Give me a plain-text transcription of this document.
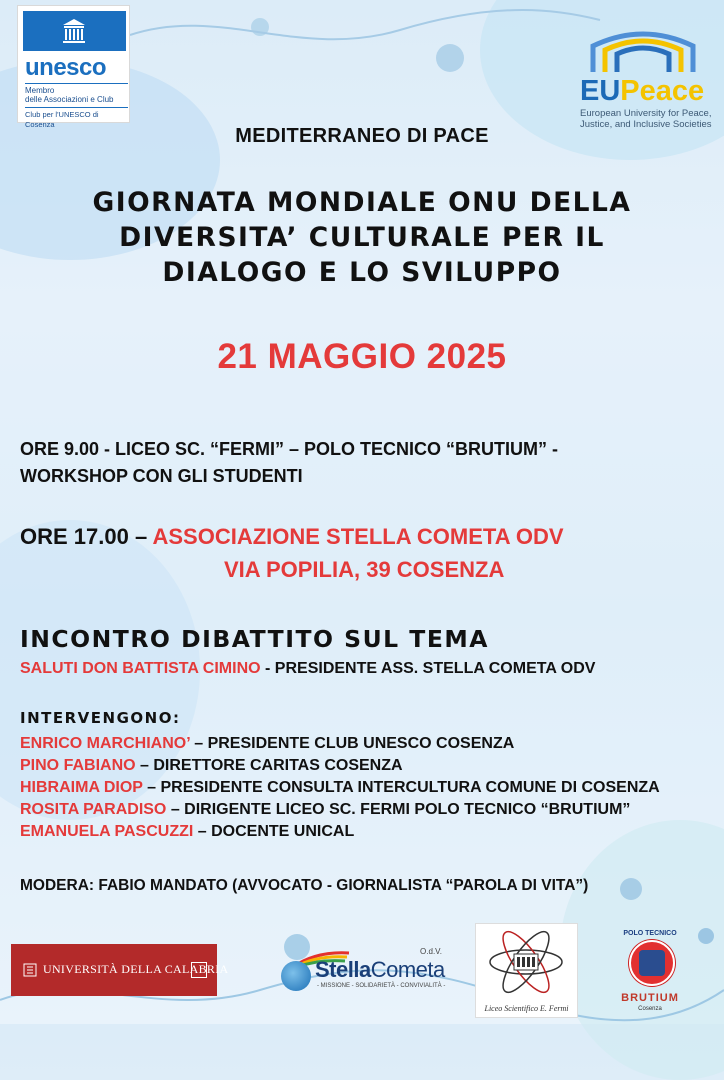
unesco
Membro
delle Associazioni e Club
Club per l'UNESCO di Cosenza
EUPeace
European University for Peace,
Justice, and Inclusive Societies
MEDITERRANEO DI PACE
GIORNATA MONDIALE ONU DELLA
DIVERSITA’ CULTURALE PER IL
DIALOGO E LO SVILUPPO
21 MAGGIO 2025
ORE 9.00 - LICEO SC. “FERMI” – POLO TECNICO “BRUTIUM” -
WORKSHOP CON GLI STUDENTI
ORE 17.00 – ASSOCIAZIONE STELLA COMETA ODV
VIA POPILIA, 39 COSENZA
INCONTRO DIBATTITO SUL TEMA
SALUTI DON BATTISTA CIMINO - PRESIDENTE ASS. STELLA COMETA ODV
INTERVENGONO:
ENRICO MARCHIANO’ – PRESIDENTE CLUB UNESCO COSENZA
PINO FABIANO – DIRETTORE CARITAS COSENZA
HIBRAIMA DIOP – PRESIDENTE CONSULTA INTERCULTURA COMUNE DI COSENZA
ROSITA PARADISO – DIRIGENTE LICEO SC. FERMI POLO TECNICO “BRUTIUM”
EMANUELA PASCUZZI – DOCENTE UNICAL
MODERA: FABIO MANDATO (AVVOCATO - GIORNALISTA “PAROLA DI VITA”)
UNIVERSITÀ DELLA CALABRIA	StellaCometa
O.d.V.
- MISSIONE - SOLIDARIETÀ - CONVIVIALITÀ -
Liceo Scientifico E. Fermi
POLO TECNICO
BRUTIUM
Cosenza
